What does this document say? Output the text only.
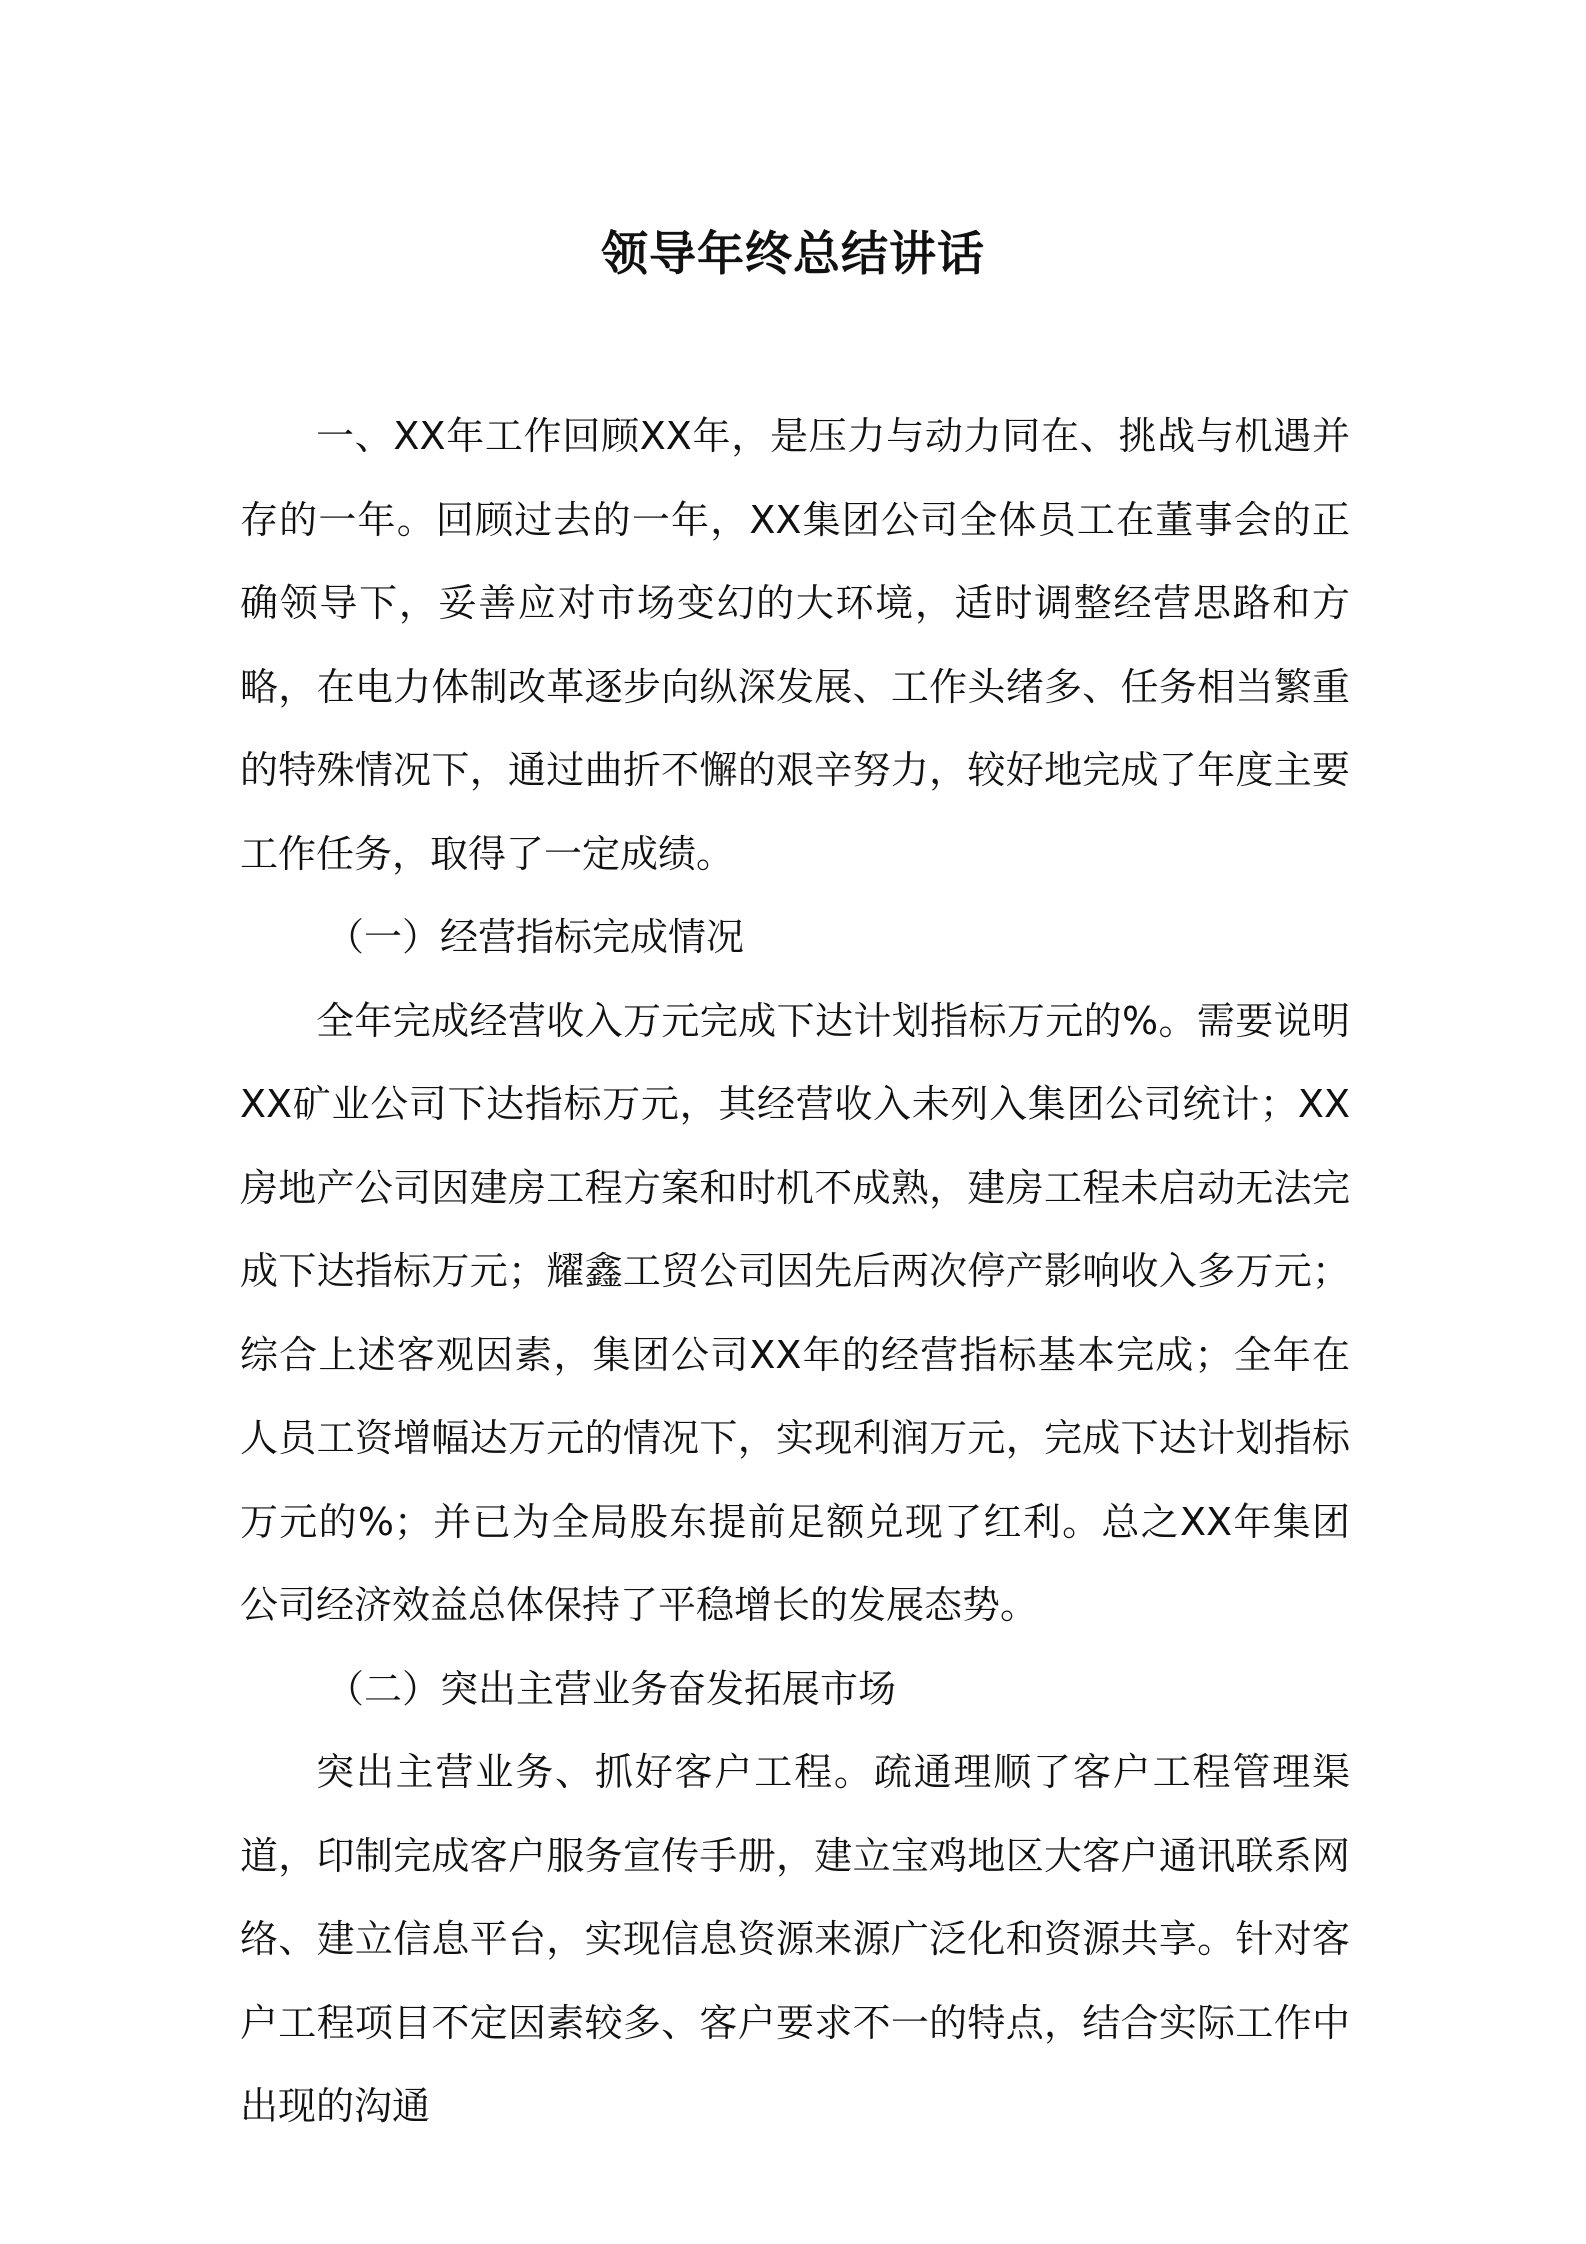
领导年终总结讲话

一、XX年工作回顾XX年，是压力与动力同在、挑战与机遇并存的一年。回顾过去的一年，XX集团公司全体员工在董事会的正确领导下，妥善应对市场变幻的大环境，适时调整经营思路和方略，在电力体制改革逐步向纵深发展、工作头绪多、任务相当繁重的特殊情况下，通过曲折不懈的艰辛努力，较好地完成了年度主要工作任务，取得了一定成绩。

（一）经营指标完成情况

全年完成经营收入万元完成下达计划指标万元的%。需要说明XX矿业公司下达指标万元，其经营收入未列入集团公司统计；XX房地产公司因建房工程方案和时机不成熟，建房工程未启动无法完成下达指标万元；耀鑫工贸公司因先后两次停产影响收入多万元；综合上述客观因素，集团公司XX年的经营指标基本完成；全年在人员工资增幅达万元的情况下，实现利润万元，完成下达计划指标万元的%；并已为全局股东提前足额兑现了红利。总之XX年集团公司经济效益总体保持了平稳增长的发展态势。

（二）突出主营业务奋发拓展市场

突出主营业务、抓好客户工程。疏通理顺了客户工程管理渠道，印制完成客户服务宣传手册，建立宝鸡地区大客户通讯联系网络、建立信息平台，实现信息资源来源广泛化和资源共享。针对客户工程项目不定因素较多、客户要求不一的特点，结合实际工作中出现的沟通
